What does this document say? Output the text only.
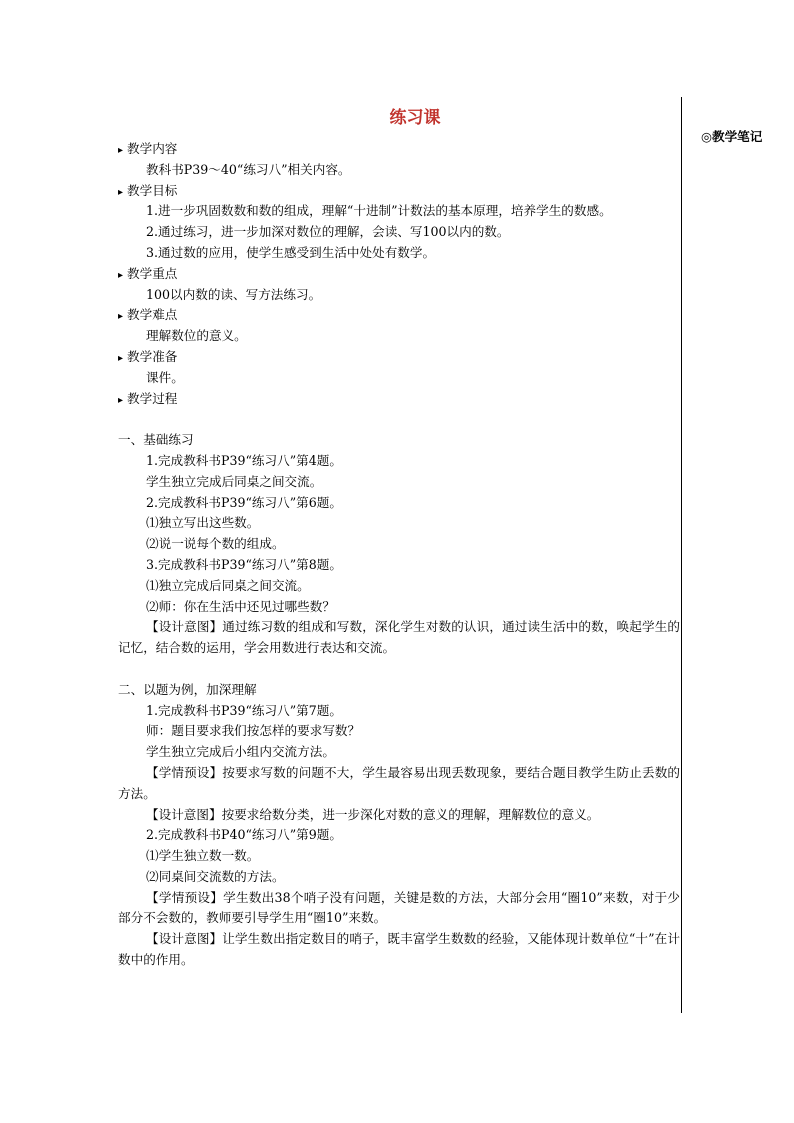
练习课
◎教学笔记
▸ 教学内容
教科书P39～40“练习八”相关内容。
▸ 教学目标
1.进一步巩固数数和数的组成，理解“十进制”计数法的基本原理，培养学生的数感。
2.通过练习，进一步加深对数位的理解，会读、写100以内的数。
3.通过数的应用，使学生感受到生活中处处有数学。
▸ 教学重点
100以内数的读、写方法练习。
▸ 教学难点
理解数位的意义。
▸ 教学准备
课件。
▸ 教学过程
一、基础练习
1.完成教科书P39“练习八”第4题。
学生独立完成后同桌之间交流。
2.完成教科书P39“练习八”第6题。
⑴独立写出这些数。
⑵说一说每个数的组成。
3.完成教科书P39“练习八”第8题。
⑴独立完成后同桌之间交流。
⑵师：你在生活中还见过哪些数？

【设计意图】通过练习数的组成和写数，深化学生对数的认识，通过读生活中的数，唤起学生的记忆，结合数的运用，学会用数进行表达和交流。

二、以题为例，加深理解
1.完成教科书P39“练习八”第7题。
师：题目要求我们按怎样的要求写数？
学生独立完成后小组内交流方法。

【学情预设】按要求写数的问题不大，学生最容易出现丢数现象，要结合题目教学生防止丢数的方法。

【设计意图】按要求给数分类，进一步深化对数的意义的理解，理解数位的意义。

2.完成教科书P40“练习八”第9题。
⑴学生独立数一数。
⑵同桌间交流数的方法。

【学情预设】学生数出38个哨子没有问题，关键是数的方法，大部分会用“圈10”来数，对于少部分不会数的，教师要引导学生用“圈10”来数。

【设计意图】让学生数出指定数目的哨子，既丰富学生数数的经验，又能体现计数单位“十”在计数中的作用。
